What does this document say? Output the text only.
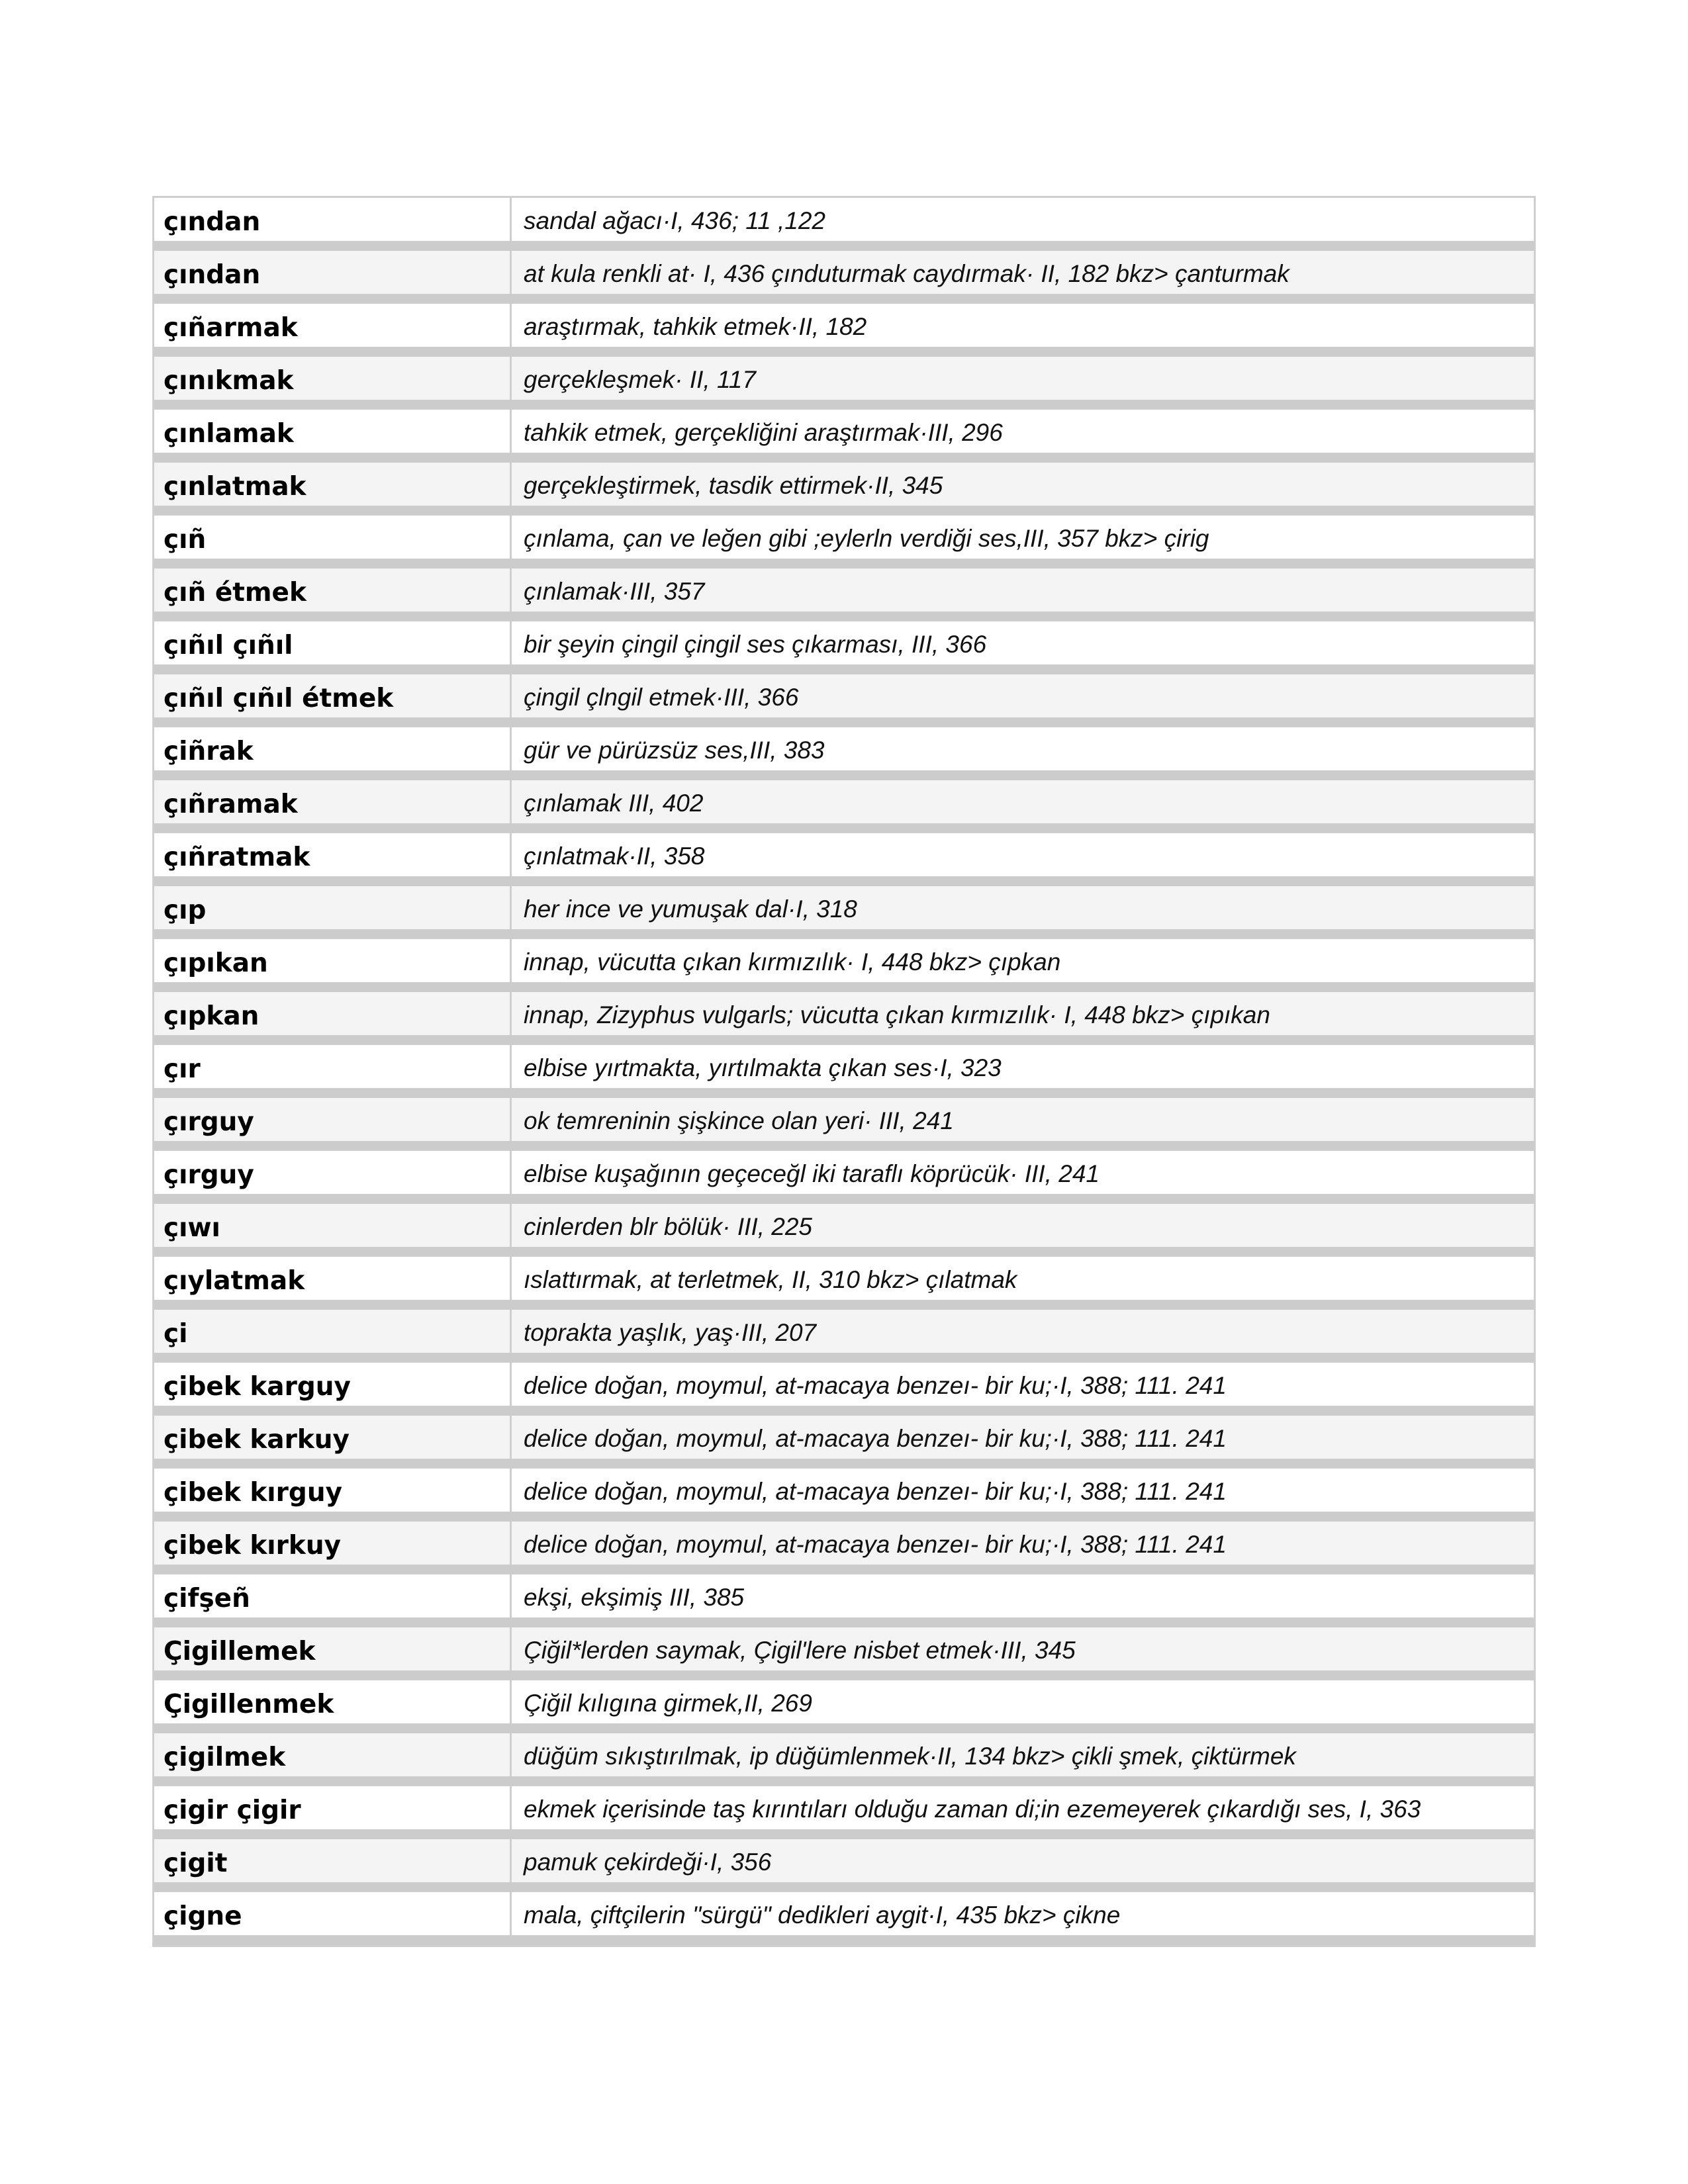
çından	sandal ağacı·I, 436; 11 ,122
çından	at kula renkli at· I, 436 çınduturmak caydırmak· II, 182 bkz> çanturmak
çıñarmak	araştırmak, tahkik etmek·II, 182
çınıkmak	gerçekleşmek· II, 117
çınlamak	tahkik etmek, gerçekliğini araştırmak·III, 296
çınlatmak	gerçekleştirmek, tasdik ettirmek·II, 345
çıñ	çınlama, çan ve leğen gibi ;eylerln verdiği ses,III, 357 bkz> çirig
çıñ étmek	çınlamak·III, 357
çıñıl çıñıl	bir şeyin çingil çingil ses çıkarması, III, 366
çıñıl çıñıl étmek	çingil çlngil etmek·III, 366
çiñrak	gür ve pürüzsüz ses,III, 383
çıñramak	çınlamak III, 402
çıñratmak	çınlatmak·II, 358
çıp	her ince ve yumuşak dal·I, 318
çıpıkan	innap, vücutta çıkan kırmızılık· I, 448 bkz> çıpkan
çıpkan	innap, Zizyphus vulgarls; vücutta çıkan kırmızılık· I, 448 bkz> çıpıkan
çır	elbise yırtmakta, yırtılmakta çıkan ses·I, 323
çırguy	ok temreninin şişkince olan yeri· III, 241
çırguy	elbise kuşağının geçeceğl iki taraflı köprücük· III, 241
çıwı	cinlerden blr bölük· III, 225
çıylatmak	ıslattırmak, at terletmek, II, 310 bkz> çılatmak
çi	toprakta yaşlık, yaş·III, 207
çibek karguy	delice doğan, moymul, at-macaya benzeı- bir ku;·I, 388; 111. 241
çibek karkuy	delice doğan, moymul, at-macaya benzeı- bir ku;·I, 388; 111. 241
çibek kırguy	delice doğan, moymul, at-macaya benzeı- bir ku;·I, 388; 111. 241
çibek kırkuy	delice doğan, moymul, at-macaya benzeı- bir ku;·I, 388; 111. 241
çifşeñ	ekşi, ekşimiş III, 385
Çigillemek	Çiğil*lerden saymak, Çigil'lere nisbet etmek·III, 345
Çigillenmek	Çiğil kılıgına girmek,II, 269
çigilmek	düğüm sıkıştırılmak, ip düğümlenmek·II, 134 bkz> çikli şmek, çiktürmek
çigir çigir	ekmek içerisinde taş kırıntıları olduğu zaman di;in ezemeyerek çıkardığı ses, I, 363
çigit	pamuk çekirdeği·I, 356
çigne	mala, çiftçilerin "sürgü" dedikleri aygit·I, 435 bkz> çikne
